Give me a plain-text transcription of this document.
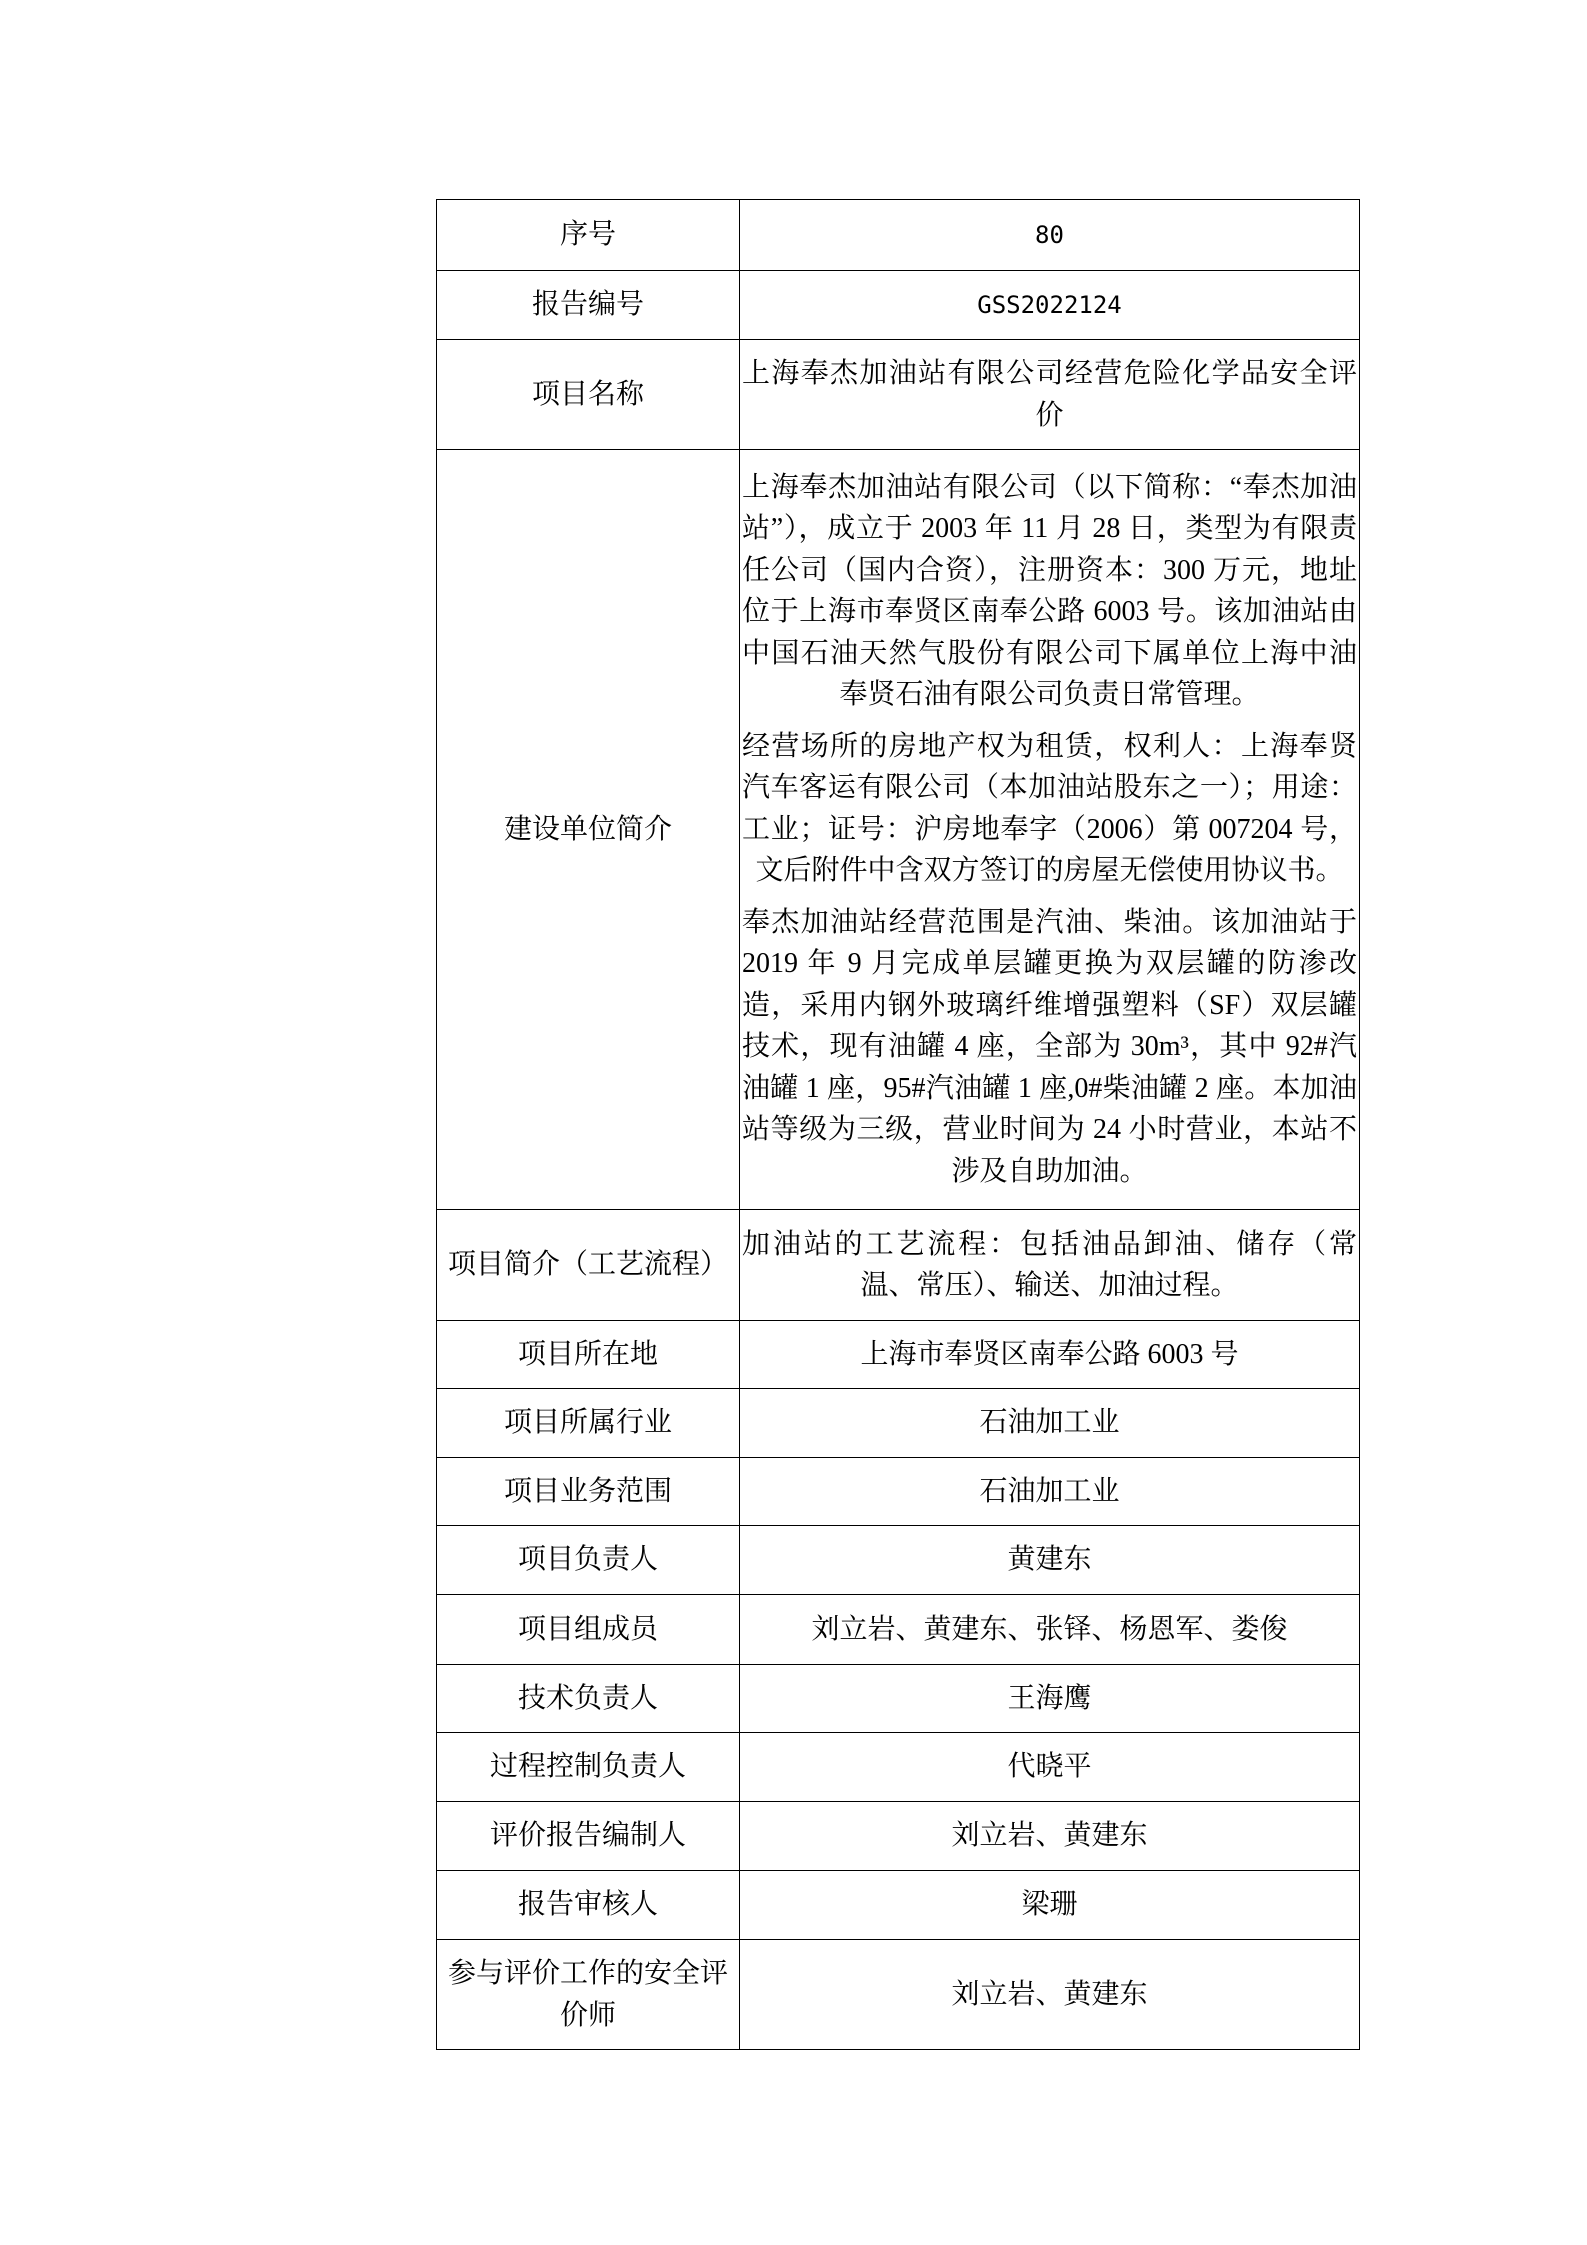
序号	80
报告编号	GSS2022124
项目名称	上海奉杰加油站有限公司经营危险化学品安全评价
建设单位简介	上海奉杰加油站有限公司（以下简称：“奉杰加油站”），成立于 2003 年 11 月 28 日，类型为有限责任公司（国内合资），注册资本：300 万元，地址位于上海市奉贤区南奉公路 6003 号。该加油站由中国石油天然气股份有限公司下属单位上海中油奉贤石油有限公司负责日常管理。

经营场所的房地产权为租赁，权利人：上海奉贤汽车客运有限公司（本加油站股东之一）；用途：工业；证号：沪房地奉字（2006）第 007204 号，文后附件中含双方签订的房屋无偿使用协议书。

奉杰加油站经营范围是汽油、柴油。该加油站于 2019 年 9 月完成单层罐更换为双层罐的防渗改造，采用内钢外玻璃纤维增强塑料（SF）双层罐技术，现有油罐 4 座，全部为 30m³，其中 92#汽油罐 1 座，95#汽油罐 1 座,0#柴油罐 2 座。本加油站等级为三级，营业时间为 24 小时营业，本站不涉及自助加油。

项目简介（工艺流程）	加油站的工艺流程：包括油品卸油、储存（常温、常压）、输送、加油过程。
项目所在地	上海市奉贤区南奉公路 6003 号
项目所属行业	石油加工业
项目业务范围	石油加工业
项目负责人	黄建东
项目组成员	刘立岩、黄建东、张铎、杨恩军、娄俊
技术负责人	王海鹰
过程控制负责人	代晓平
评价报告编制人	刘立岩、黄建东
报告审核人	梁珊
参与评价工作的安全评价师	刘立岩、黄建东
